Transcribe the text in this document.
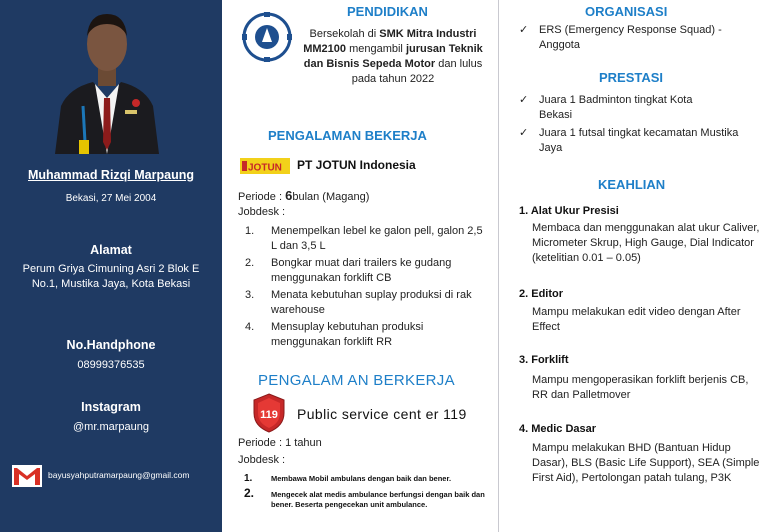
Muhammad Rizqi Marpaung
Bekasi, 27 Mei 2004
Alamat
Perum Griya Cimuning Asri 2 Blok E No.1, Mustika Jaya, Kota Bekasi
No.Handphone
08999376535
Instagram
@mr.marpaung
bayusyahputramarpaung@gmail.com
Bersekolah di SMK Mitra Industri MM2100 mengambil jurusan Teknik dan Bisnis Sepeda Motor dan lulus pada tahun 2022
PENDIDIKAN
PENGALAMAN BEKERJA
JOTUN PT JOTUN Indonesia
Periode : 6bulan (Magang)
Jobdesk :
1. Menempelkan lebel ke galon pell, galon 2,5 L dan 3,5 L
2. Bongkar muat dari trailers ke gudang menggunakan forklift CB
3. Menata kebutuhan suplay produksi di rak warehouse
4. Mensuplay kebutuhan produksi menggunakan forklift RR
PENGALAM AN BERKERJA
119 Public service cent er 119
Periode : 1 tahun
Jobdesk :
1. Membawa Mobil ambulans dengan baik dan bener.
2. Mengecek alat medis ambulance berfungsi dengan baik dan bener. Beserta pengecekan unit ambulance.
ORGANISASI
✓ ERS (Emergency Response Squad) - Anggota
PRESTASI
✓ Juara 1 Badminton tingkat Kota Bekasi
✓ Juara 1 futsal tingkat kecamatan Mustika Jaya
KEAHLIAN
1. Alat Ukur Presisi
Membaca dan menggunakan alat ukur Caliver, Micrometer Skrup, High Gauge, Dial Indicator (ketelitian 0.01 – 0.05)
2. Editor
Mampu melakukan edit video dengan After Effect
3. Forklift
Mampu mengoperasikan forklift berjenis CB, RR dan Palletmover
4. Medic Dasar
Mampu melakukan BHD (Bantuan Hidup Dasar), BLS (Basic Life Support), SEA (Simple First Aid), Pertolongan patah tulang, P3K
